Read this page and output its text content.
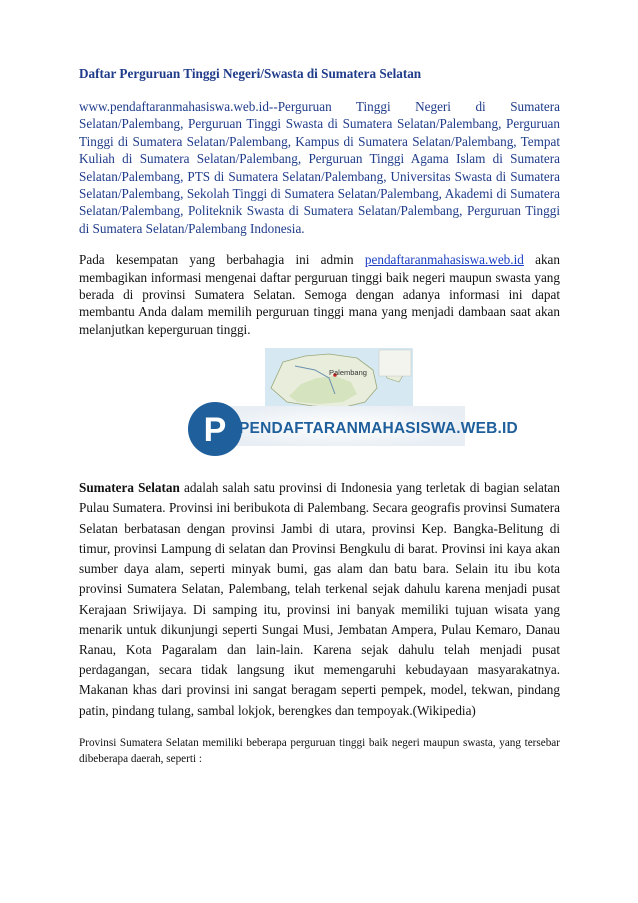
Daftar Perguruan Tinggi Negeri/Swasta di Sumatera Selatan

www.pendaftaranmahasiswa.web.id--Perguruan Tinggi Negeri di Sumatera Selatan/Palembang, Perguruan Tinggi Swasta di Sumatera Selatan/Palembang, Perguruan Tinggi di Sumatera Selatan/Palembang, Kampus di Sumatera Selatan/Palembang, Tempat Kuliah di Sumatera Selatan/Palembang, Perguruan Tinggi Agama Islam di Sumatera Selatan/Palembang, PTS di Sumatera Selatan/Palembang, Universitas Swasta di Sumatera Selatan/Palembang, Sekolah Tinggi di Sumatera Selatan/Palembang, Akademi di Sumatera Selatan/Palembang, Politeknik Swasta di Sumatera Selatan/Palembang, Perguruan Tinggi di Sumatera Selatan/Palembang Indonesia.

Pada kesempatan yang berbahagia ini admin pendaftaranmahasiswa.web.id akan membagikan informasi mengenai daftar perguruan tinggi baik negeri maupun swasta yang berada di provinsi Sumatera Selatan. Semoga dengan adanya informasi ini dapat membantu Anda dalam memilih perguruan tinggi mana yang menjadi dambaan saat akan melanjutkan keperguruan tinggi.

Palembang
P PENDAFTARANMAHASISWA.WEB.ID

Sumatera Selatan adalah salah satu provinsi di Indonesia yang terletak di bagian selatan Pulau Sumatera. Provinsi ini beribukota di Palembang. Secara geografis provinsi Sumatera Selatan berbatasan dengan provinsi Jambi di utara, provinsi Kep. Bangka-Belitung di timur, provinsi Lampung di selatan dan Provinsi Bengkulu di barat. Provinsi ini kaya akan sumber daya alam, seperti minyak bumi, gas alam dan batu bara. Selain itu ibu kota provinsi Sumatera Selatan, Palembang, telah terkenal sejak dahulu karena menjadi pusat Kerajaan Sriwijaya. Di samping itu, provinsi ini banyak memiliki tujuan wisata yang menarik untuk dikunjungi seperti Sungai Musi, Jembatan Ampera, Pulau Kemaro, Danau Ranau, Kota Pagaralam dan lain-lain. Karena sejak dahulu telah menjadi pusat perdagangan, secara tidak langsung ikut memengaruhi kebudayaan masyarakatnya. Makanan khas dari provinsi ini sangat beragam seperti pempek, model, tekwan, pindang patin, pindang tulang, sambal lokjok, berengkes dan tempoyak.(Wikipedia)

Provinsi Sumatera Selatan memiliki beberapa perguruan tinggi baik negeri maupun swasta, yang tersebar dibeberapa daerah, seperti :
